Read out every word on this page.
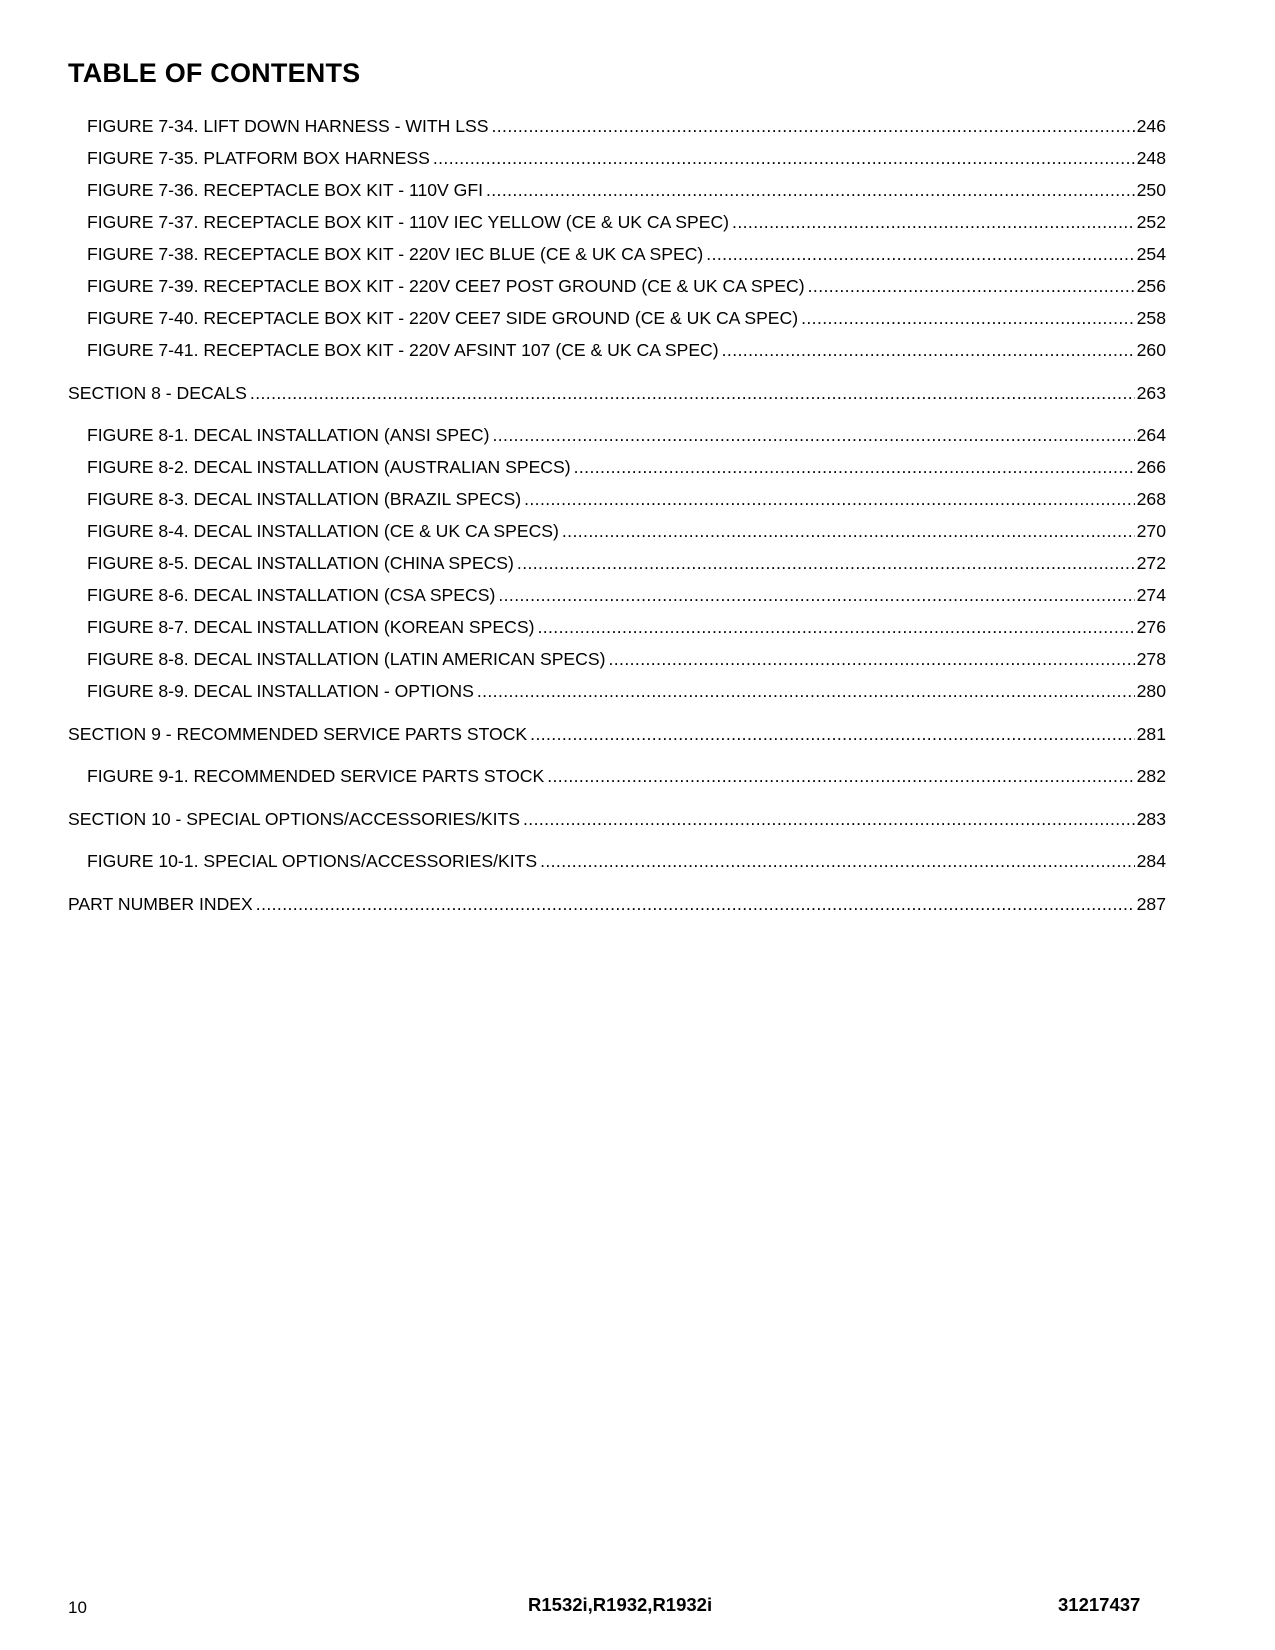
TABLE OF CONTENTS
FIGURE 7-34. LIFT DOWN HARNESS - WITH LSS .....	246
FIGURE 7-35. PLATFORM BOX HARNESS .....	248
FIGURE 7-36. RECEPTACLE BOX KIT - 110V GFI .....	250
FIGURE 7-37. RECEPTACLE BOX KIT - 110V IEC YELLOW (CE & UK CA SPEC) .....	252
FIGURE 7-38. RECEPTACLE BOX KIT - 220V IEC BLUE (CE & UK CA SPEC) .....	254
FIGURE 7-39. RECEPTACLE BOX KIT - 220V CEE7 POST GROUND (CE & UK CA SPEC) .....	256
FIGURE 7-40. RECEPTACLE BOX KIT - 220V CEE7 SIDE GROUND (CE & UK CA SPEC) .....	258
FIGURE 7-41. RECEPTACLE BOX KIT - 220V AFSINT 107 (CE & UK CA SPEC) .....	260
SECTION 8 - DECALS .....	263
FIGURE 8-1. DECAL INSTALLATION (ANSI SPEC) .....	264
FIGURE 8-2. DECAL INSTALLATION (AUSTRALIAN SPECS) .....	266
FIGURE 8-3. DECAL INSTALLATION (BRAZIL SPECS) .....	268
FIGURE 8-4. DECAL INSTALLATION (CE & UK CA SPECS) .....	270
FIGURE 8-5. DECAL INSTALLATION (CHINA SPECS) .....	272
FIGURE 8-6. DECAL INSTALLATION (CSA SPECS) .....	274
FIGURE 8-7. DECAL INSTALLATION (KOREAN SPECS) .....	276
FIGURE 8-8. DECAL INSTALLATION (LATIN AMERICAN SPECS) .....	278
FIGURE 8-9. DECAL INSTALLATION - OPTIONS .....	280
SECTION 9 - RECOMMENDED SERVICE PARTS STOCK .....	281
FIGURE 9-1. RECOMMENDED SERVICE PARTS STOCK .....	282
SECTION 10 - SPECIAL OPTIONS/ACCESSORIES/KITS .....	283
FIGURE 10-1. SPECIAL OPTIONS/ACCESSORIES/KITS .....	284
PART NUMBER INDEX .....	287
10	R1532i,R1932,R1932i	31217437
